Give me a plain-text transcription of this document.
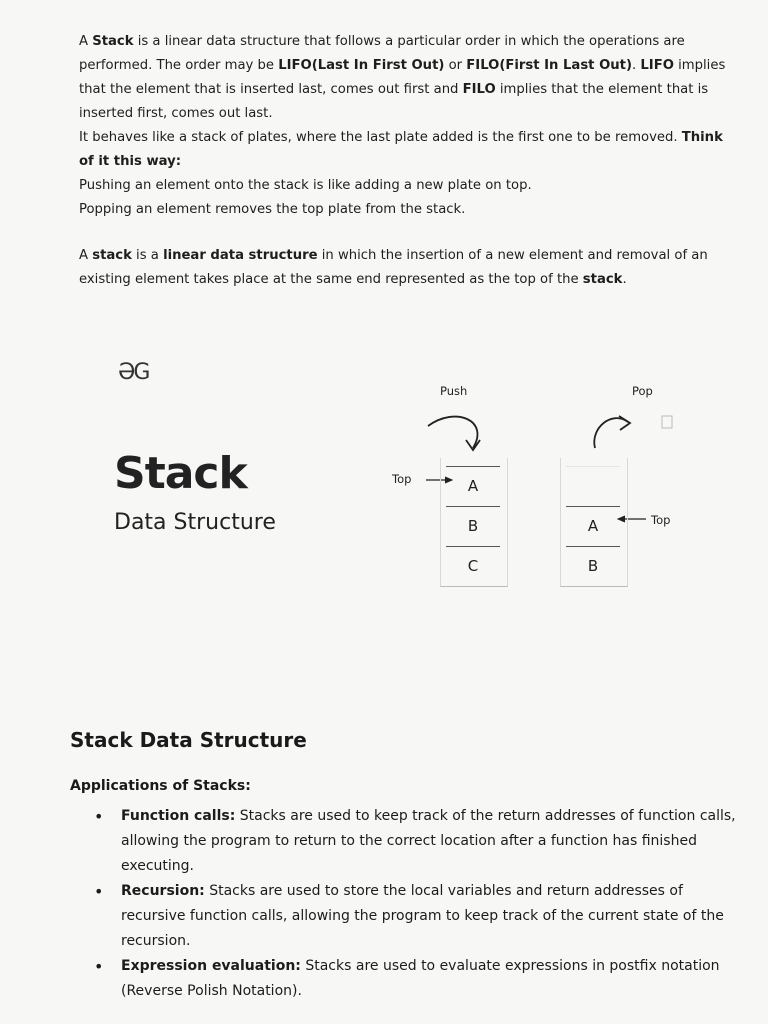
A Stack is a linear data structure that follows a particular order in which the operations are performed. The order may be LIFO(Last In First Out) or FILO(First In Last Out). LIFO implies that the element that is inserted last, comes out first and FILO implies that the element that is inserted first, comes out last.

It behaves like a stack of plates, where the last plate added is the first one to be removed. Think of it this way:

Pushing an element onto the stack is like adding a new plate on top.

Popping an element removes the top plate from the stack.

A stack is a linear data structure in which the insertion of a new element and removal of an existing element takes place at the same end represented as the top of the stack.

ƏG
Stack
Data Structure
Push	Pop
Top
Top
C
B
A
B
A
Stack Data Structure
Applications of Stacks:
• Function calls: Stacks are used to keep track of the return addresses of function calls, allowing the program to return to the correct location after a function has finished executing.
• Recursion: Stacks are used to store the local variables and return addresses of recursive function calls, allowing the program to keep track of the current state of the recursion.
• Expression evaluation: Stacks are used to evaluate expressions in postfix notation (Reverse Polish Notation).
